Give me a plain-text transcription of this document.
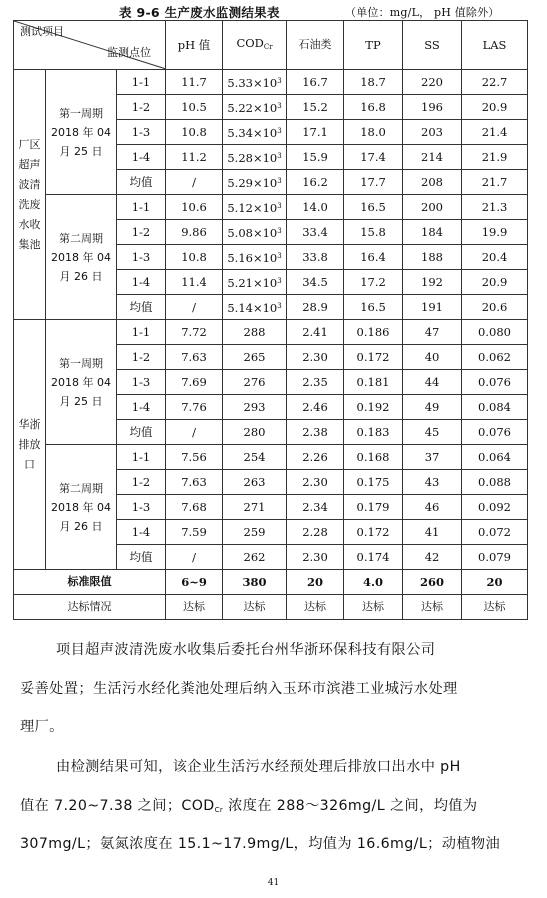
表 9-6 生产废水监测结果表	（单位：mg/L， pH 值除外）
测试项目
监测点位			pH 值	$COD_{Cr}$	石油类	TP	SS	LAS
厂区超声波清洗废水收集池	第一周期 2018 年 04 月 25 日	1-1	11.7	$5.33\times 10^3$	16.7	18.7	220	22.7
		1-2	10.5	$5.22\times 10^3$	15.2	16.8	196	20.9
		1-3	10.8	$5.34\times 10^3$	17.1	18.0	203	21.4
		1-4	11.2	$5.28\times 10^3$	15.9	17.4	214	21.9
		均值	/	$5.29\times 10^3$	16.2	17.7	208	21.7
	第二周期 2018 年 04 月 26 日	1-1	10.6	$5.12\times 10^3$	14.0	16.5	200	21.3
		1-2	9.86	$5.08\times 10^3$	33.4	15.8	184	19.9
		1-3	10.8	$5.16\times 10^3$	33.8	16.4	188	20.4
		1-4	11.4	$5.21\times 10^3$	34.5	17.2	192	20.9
		均值	/	$5.14\times 10^3$	28.9	16.5	191	20.6
华浙排放口	第一周期 2018 年 04 月 25 日	1-1	7.72	288	2.41	0.186	47	0.080
		1-2	7.63	265	2.30	0.172	40	0.062
		1-3	7.69	276	2.35	0.181	44	0.076
		1-4	7.76	293	2.46	0.192	49	0.084
		均值	/	280	2.38	0.183	45	0.076
	第二周期 2018 年 04 月 26 日	1-1	7.56	254	2.26	0.168	37	0.064
		1-2	7.63	263	2.30	0.175	43	0.088
		1-3	7.68	271	2.34	0.179	46	0.092
		1-4	7.59	259	2.28	0.172	41	0.072
		均值	/	262	2.30	0.174	42	0.079
标准限值			6~9	380	20	4.0	260	20
达标情况			达标	达标	达标	达标	达标	达标
项目超声波清洗废水收集后委托台州华浙环保科技有限公司
妥善处置；生活污水经化粪池处理后纳入玉环市滨港工业城污水处理
理厂。
由检测结果可知，该企业生活污水经预处理后排放口出水中 pH
值在 7.20~7.38 之间；$COD_{Cr}$ 浓度在 288～326mg/L 之间，均值为
307mg/L；氨氮浓度在 15.1~17.9mg/L，均值为 16.6mg/L；动植物油
41
